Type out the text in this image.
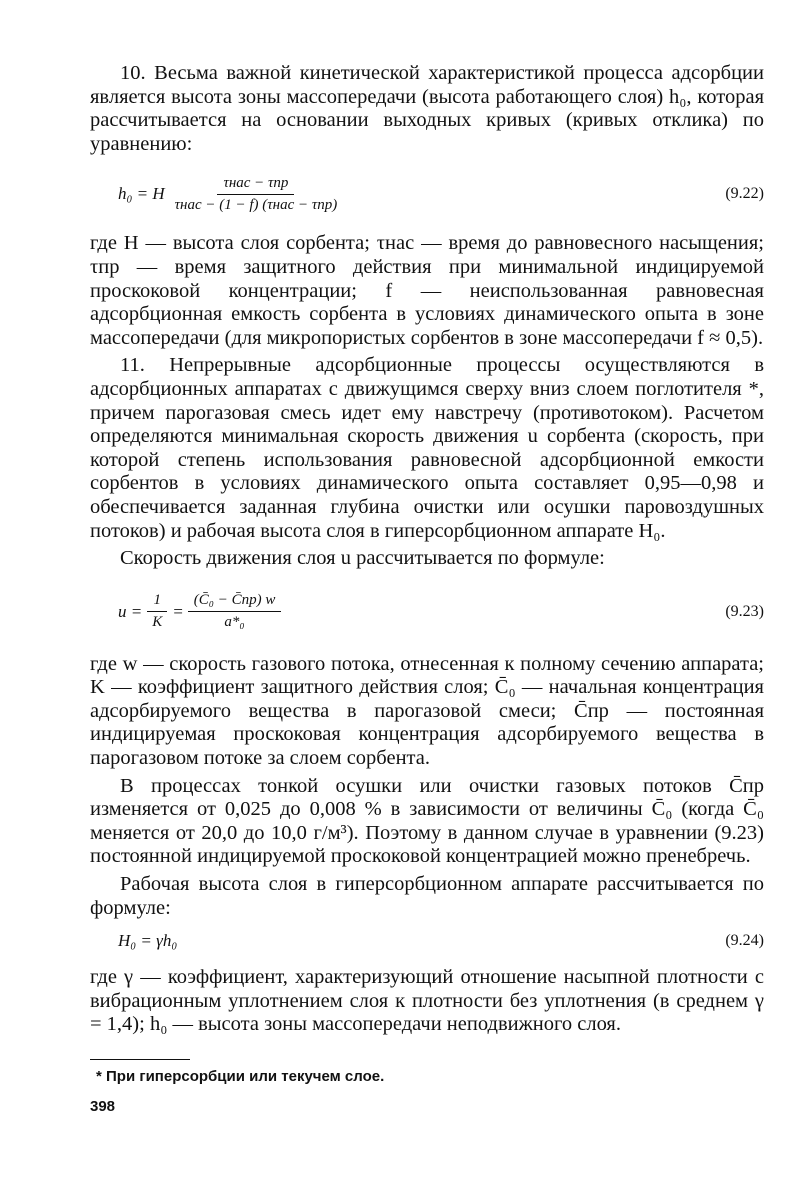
10. Весьма важной кинетической характеристикой процесса адсорбции является высота зоны массопередачи (высота работающего слоя) h₀, которая рассчитывается на основании выходных кривых (кривых отклика) по уравнению:

h₀ = H $\frac{\text{τнас − τпр}}{\text{τнас − (1 − f) (τнас − τпр)}}$	(9.22)

где H — высота слоя сорбента; τнас — время до равновесного насыщения; τпр — время защитного действия при минимальной индицируемой проскоковой концентрации; f — неиспользованная равновесная адсорбционная емкость сорбента в условиях динамического опыта в зоне массопередачи (для микропористых сорбентов в зоне массопередачи f ≈ 0,5).

11. Непрерывные адсорбционные процессы осуществляются в адсорбционных аппаратах с движущимся сверху вниз слоем поглотителя *, причем парогазовая смесь идет ему навстречу (противотоком). Расчетом определяются минимальная скорость движения u сорбента (скорость, при которой степень использования равновесной адсорбционной емкости сорбентов в условиях динамического опыта составляет 0,95—0,98 и обеспечивается заданная глубина очистки или осушки паровоздушных потоков) и рабочая высота слоя в гиперсорбционном аппарате H₀.

Скорость движения слоя u рассчитывается по формуле:

$u = \frac{1}{K} = \frac{\text{(C̄₀ − C̄пр) w}}{\text{a*₀}}$	(9.23)

где w — скорость газового потока, отнесенная к полному сечению аппарата; K — коэффициент защитного действия слоя; C̄₀ — начальная концентрация адсорбируемого вещества в парогазовой смеси; C̄пр — постоянная индицируемая проскоковая концентрация адсорбируемого вещества в парогазовом потоке за слоем сорбента.

В процессах тонкой осушки или очистки газовых потоков C̄пр изменяется от 0,025 до 0,008 % в зависимости от величины C̄₀ (когда C̄₀ меняется от 20,0 до 10,0 г/м³). Поэтому в данном случае в уравнении (9.23) постоянной индицируемой проскоковой концентрацией можно пренебречь.

Рабочая высота слоя в гиперсорбционном аппарате рассчитывается по формуле:

H₀ = γh₀	(9.24)

где γ — коэффициент, характеризующий отношение насыпной плотности с вибрационным уплотнением слоя к плотности без уплотнения (в среднем γ = 1,4); h₀ — высота зоны массопередачи неподвижного слоя.

* При гиперсорбции или текучем слое.
398
